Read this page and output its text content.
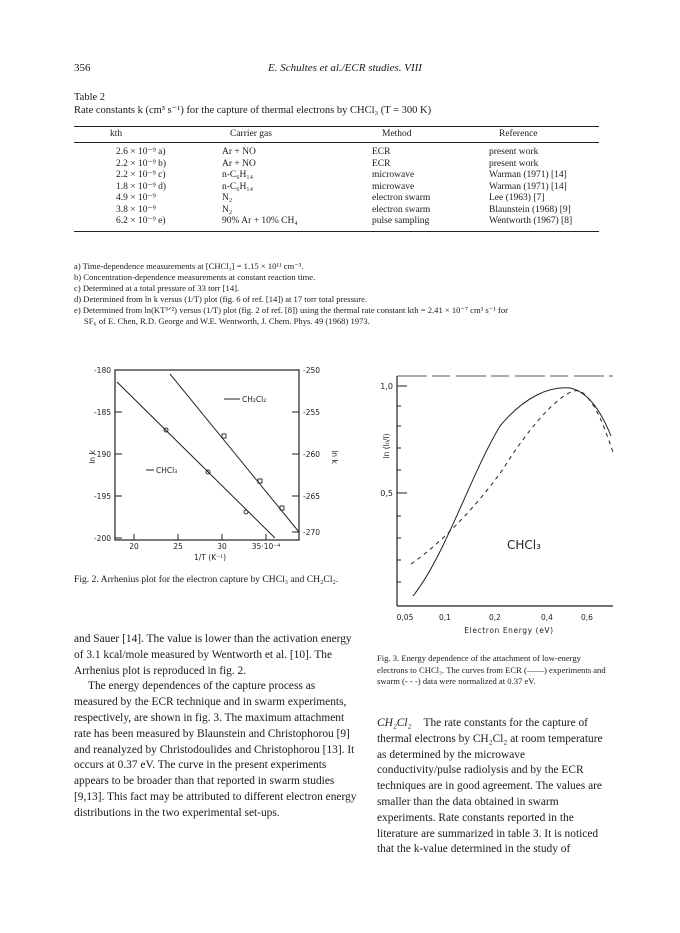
356	E. Schultes et al./ECR studies. VIII
Table 2
Rate constants k (cm³ s⁻¹) for the capture of thermal electrons by CHCl₃ (T = 300 K)
kth	Carrier gas	Method	Reference

2.6 × 10⁻⁹ a)	Ar + NO	ECR	present work
2.2 × 10⁻⁹ b)	Ar + NO	ECR	present work
2.2 × 10⁻⁹ c)	n-C₆H₁₄	microwave	Warman (1971) [14]
1.8 × 10⁻⁹ d)	n-C₆H₁₄	microwave	Warman (1971) [14]
4.9 × 10⁻⁹	N₂	electron swarm	Lee (1963) [7]
3.8 × 10⁻⁹	N₂	electron swarm	Blaunstein (1968) [9]
6.2 × 10⁻⁹ e)	90% Ar + 10% CH₄	pulse sampling	Wentworth (1967) [8]
a) Time-dependence measurements at [CHCl₃] = 1.15 × 10¹¹ cm⁻³.
b) Concentration-dependence measurements at constant reaction time.
c) Determined at a total pressure of 33 torr [14].
d) Determined from ln k versus (1/T) plot (fig. 6 of ref. [14]) at 17 torr total pressure.
e) Determined from ln(KT³ᐟ²) versus (1/T) plot (fig. 2 of ref. [8]) using the thermal rate constant kth = 2.41 × 10⁻⁷ cm³ s⁻¹ for
SF₆ of E. Chen, R.D. George and W.E. Wentworth, J. Chem. Phys. 49 (1968) 1973.
-180
-185
-190
-195
-200
-250
-255
-260
-265
-270
20	25	30	35·10⁻⁴
1/T (K⁻¹)
ln k	ln k
CH₂Cl₂
CHCl₃
Fig. 2. Arrhenius plot for the electron capture by CHCl₃ and CH₂Cl₂.
1,0
0,5
ln (I₀/I)
0,05	0,1	0,2	0,4	0,6
Electron Energy (eV)
CHCl₃
Fig. 3. Energy dependence of the attachment of low-energy electrons to CHCl₃. The curves from ECR (——) experiments and swarm (- - -) data were normalized at 0.37 eV.

and Sauer [14]. The value is lower than the activation energy of 3.1 kcal/mole measured by Wentworth et al. [10]. The Arrhenius plot is reproduced in fig. 2.

The energy dependences of the capture process as measured by the ECR technique and in swarm experiments, respectively, are shown in fig. 3. The maximum attachment rate has been measured by Blaunstein and Christophorou [9] and reanalyzed by Christodoulides and Christophorou [13]. It occurs at 0.37 eV. The curve in the present experiments appears to be broader than that reported in swarm studies [9,13]. This fact may be attributed to different electron energy distributions in the two experimental set-ups.

CH₂Cl₂ The rate constants for the capture of thermal electrons by CH₂Cl₂ at room temperature as determined by the microwave conductivity/pulse radiolysis and by the ECR techniques are in good agreement. The values are smaller than the data obtained in swarm experiments. Rate constants reported in the literature are summarized in table 3. It is noticed that the k-value determined in the study of
